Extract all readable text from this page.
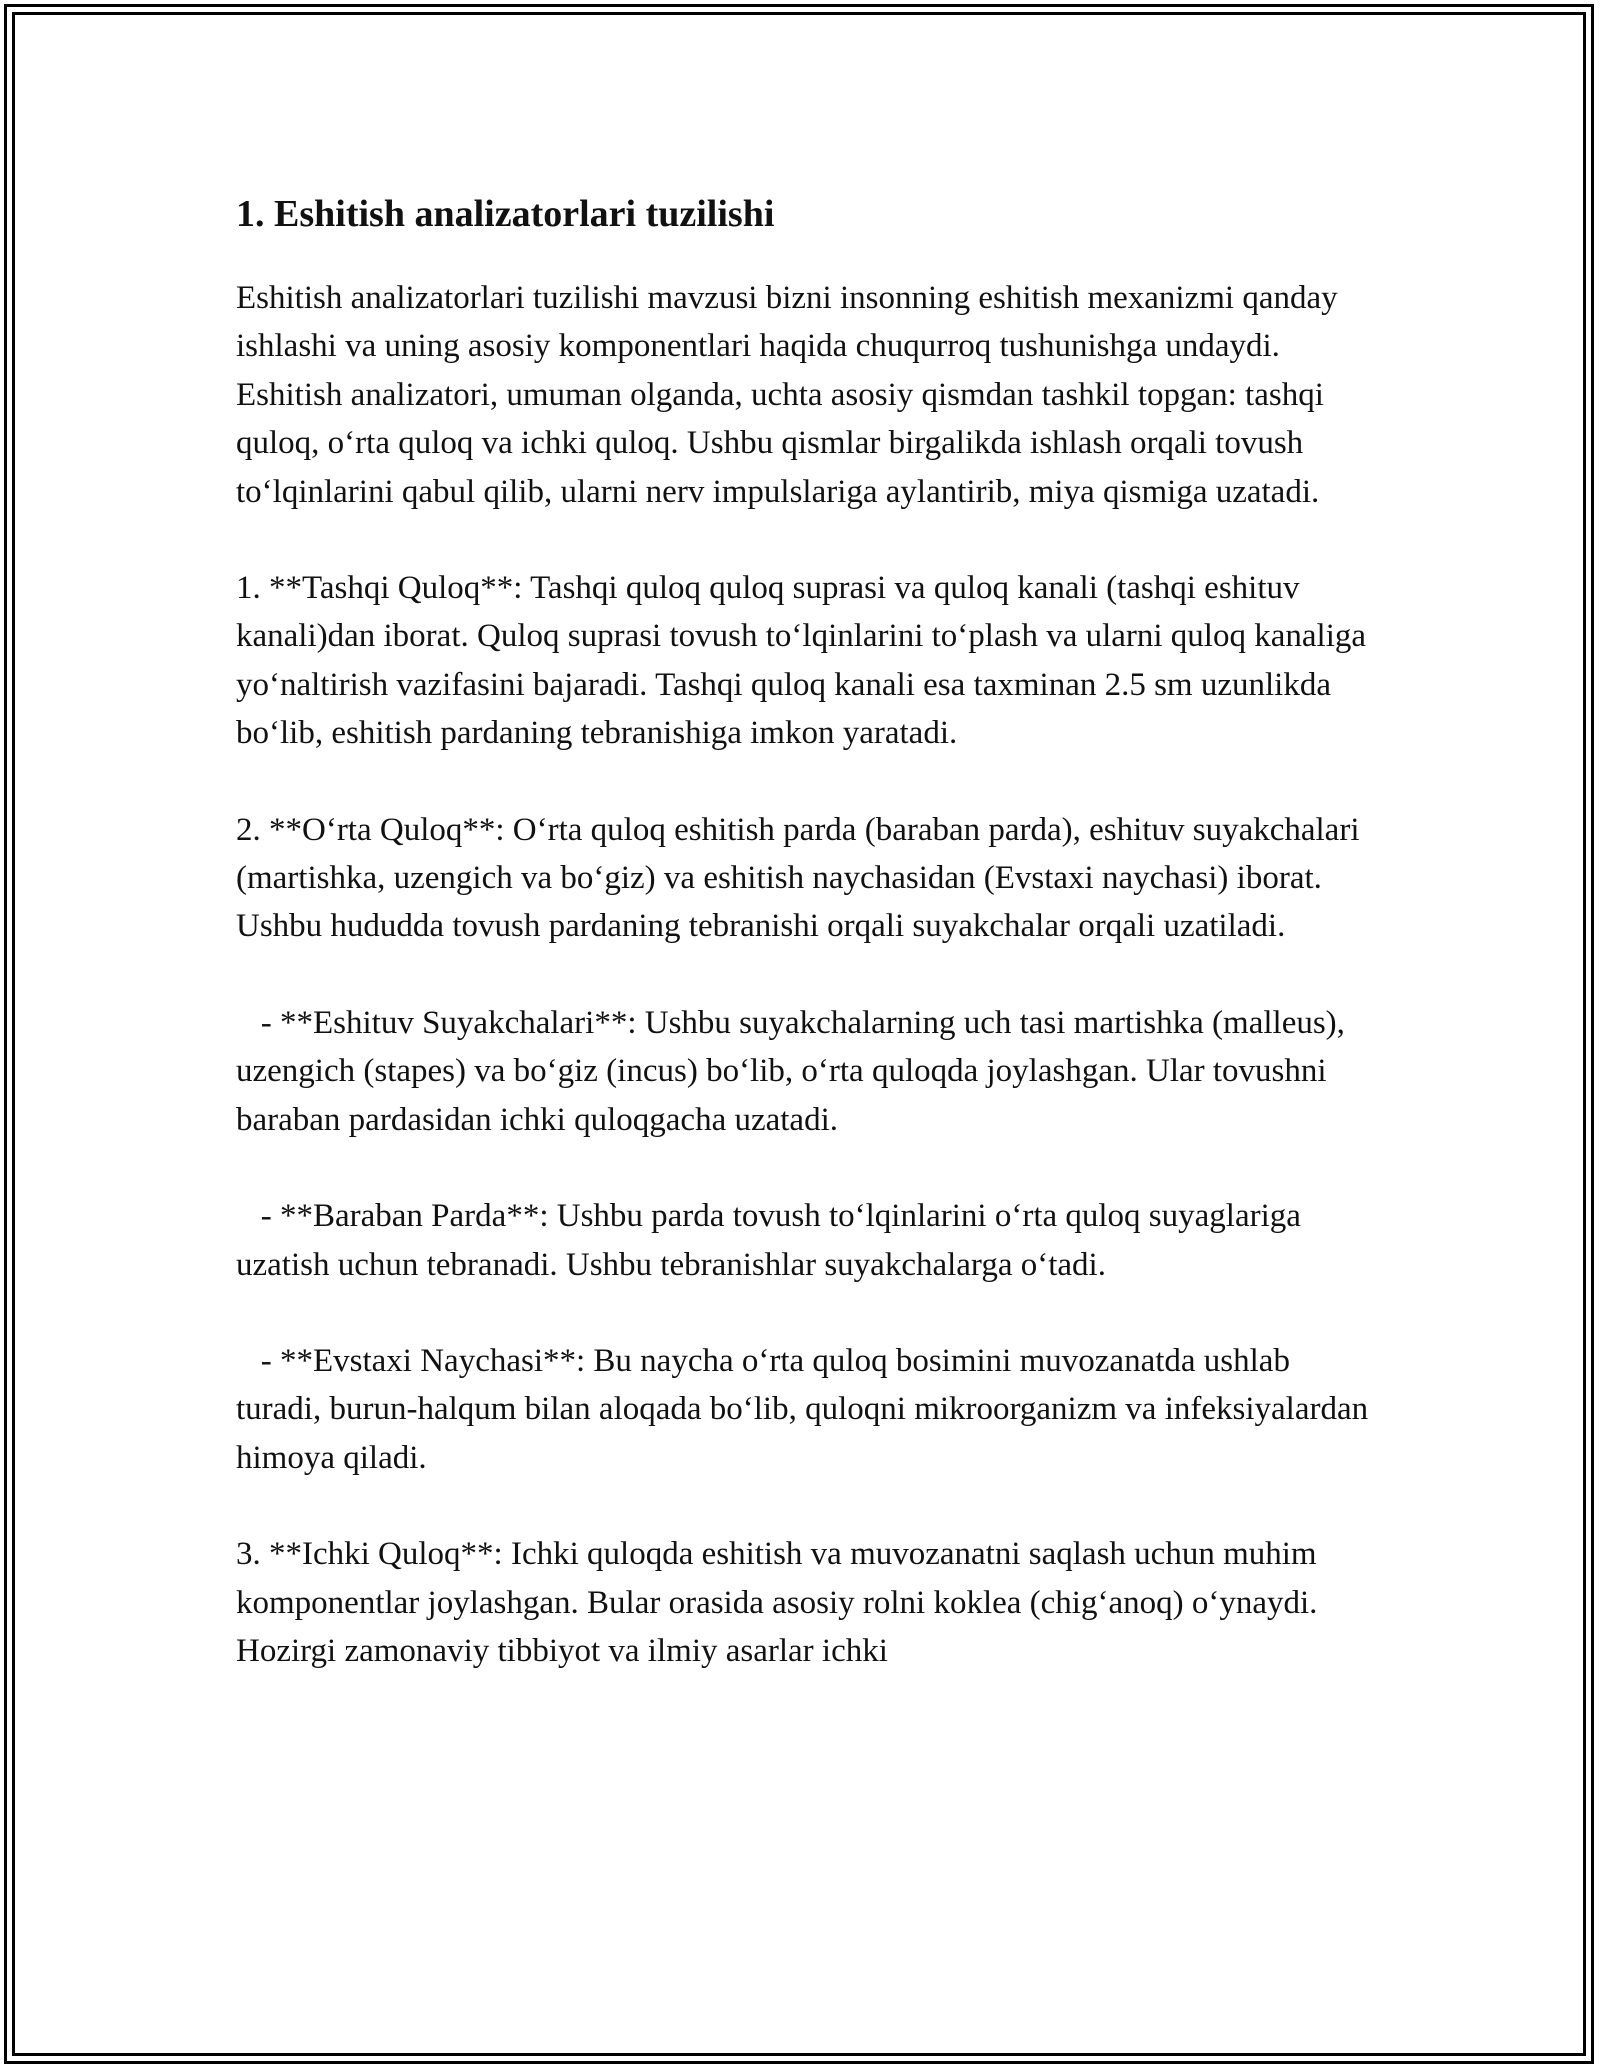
1. Eshitish analizatorlari tuzilishi

Eshitish analizatorlari tuzilishi mavzusi bizni insonning eshitish mexanizmi qanday ishlashi va uning asosiy komponentlari haqida chuqurroq tushunishga undaydi. Eshitish analizatori, umuman olganda, uchta asosiy qismdan tashkil topgan: tashqi quloq, o‘rta quloq va ichki quloq. Ushbu qismlar birgalikda ishlash orqali tovush to‘lqinlarini qabul qilib, ularni nerv impulslariga aylantirib, miya qismiga uzatadi.

1. **Tashqi Quloq**: Tashqi quloq quloq suprasi va quloq kanali (tashqi eshituv kanali)dan iborat. Quloq suprasi tovush to‘lqinlarini to‘plash va ularni quloq kanaliga yo‘naltirish vazifasini bajaradi. Tashqi quloq kanali esa taxminan 2.5 sm uzunlikda bo‘lib, eshitish pardaning tebranishiga imkon yaratadi.

2. **O‘rta Quloq**: O‘rta quloq eshitish parda (baraban parda), eshituv suyakchalari (martishka, uzengich va bo‘giz) va eshitish naychasidan (Evstaxi naychasi) iborat. Ushbu hududda tovush pardaning tebranishi orqali suyakchalar orqali uzatiladi.

- **Eshituv Suyakchalari**: Ushbu suyakchalarning uch tasi martishka (malleus), uzengich (stapes) va bo‘giz (incus) bo‘lib, o‘rta quloqda joylashgan. Ular tovushni baraban pardasidan ichki quloqgacha uzatadi.

- **Baraban Parda**: Ushbu parda tovush to‘lqinlarini o‘rta quloq suyaglariga uzatish uchun tebranadi. Ushbu tebranishlar suyakchalarga o‘tadi.

- **Evstaxi Naychasi**: Bu naycha o‘rta quloq bosimini muvozanatda ushlab turadi, burun-halqum bilan aloqada bo‘lib, quloqni mikroorganizm va infeksiyalardan himoya qiladi.

3. **Ichki Quloq**: Ichki quloqda eshitish va muvozanatni saqlash uchun muhim komponentlar joylashgan. Bular orasida asosiy rolni koklea (chig‘anoq) o‘ynaydi. Hozirgi zamonaviy tibbiyot va ilmiy asarlar ichki
